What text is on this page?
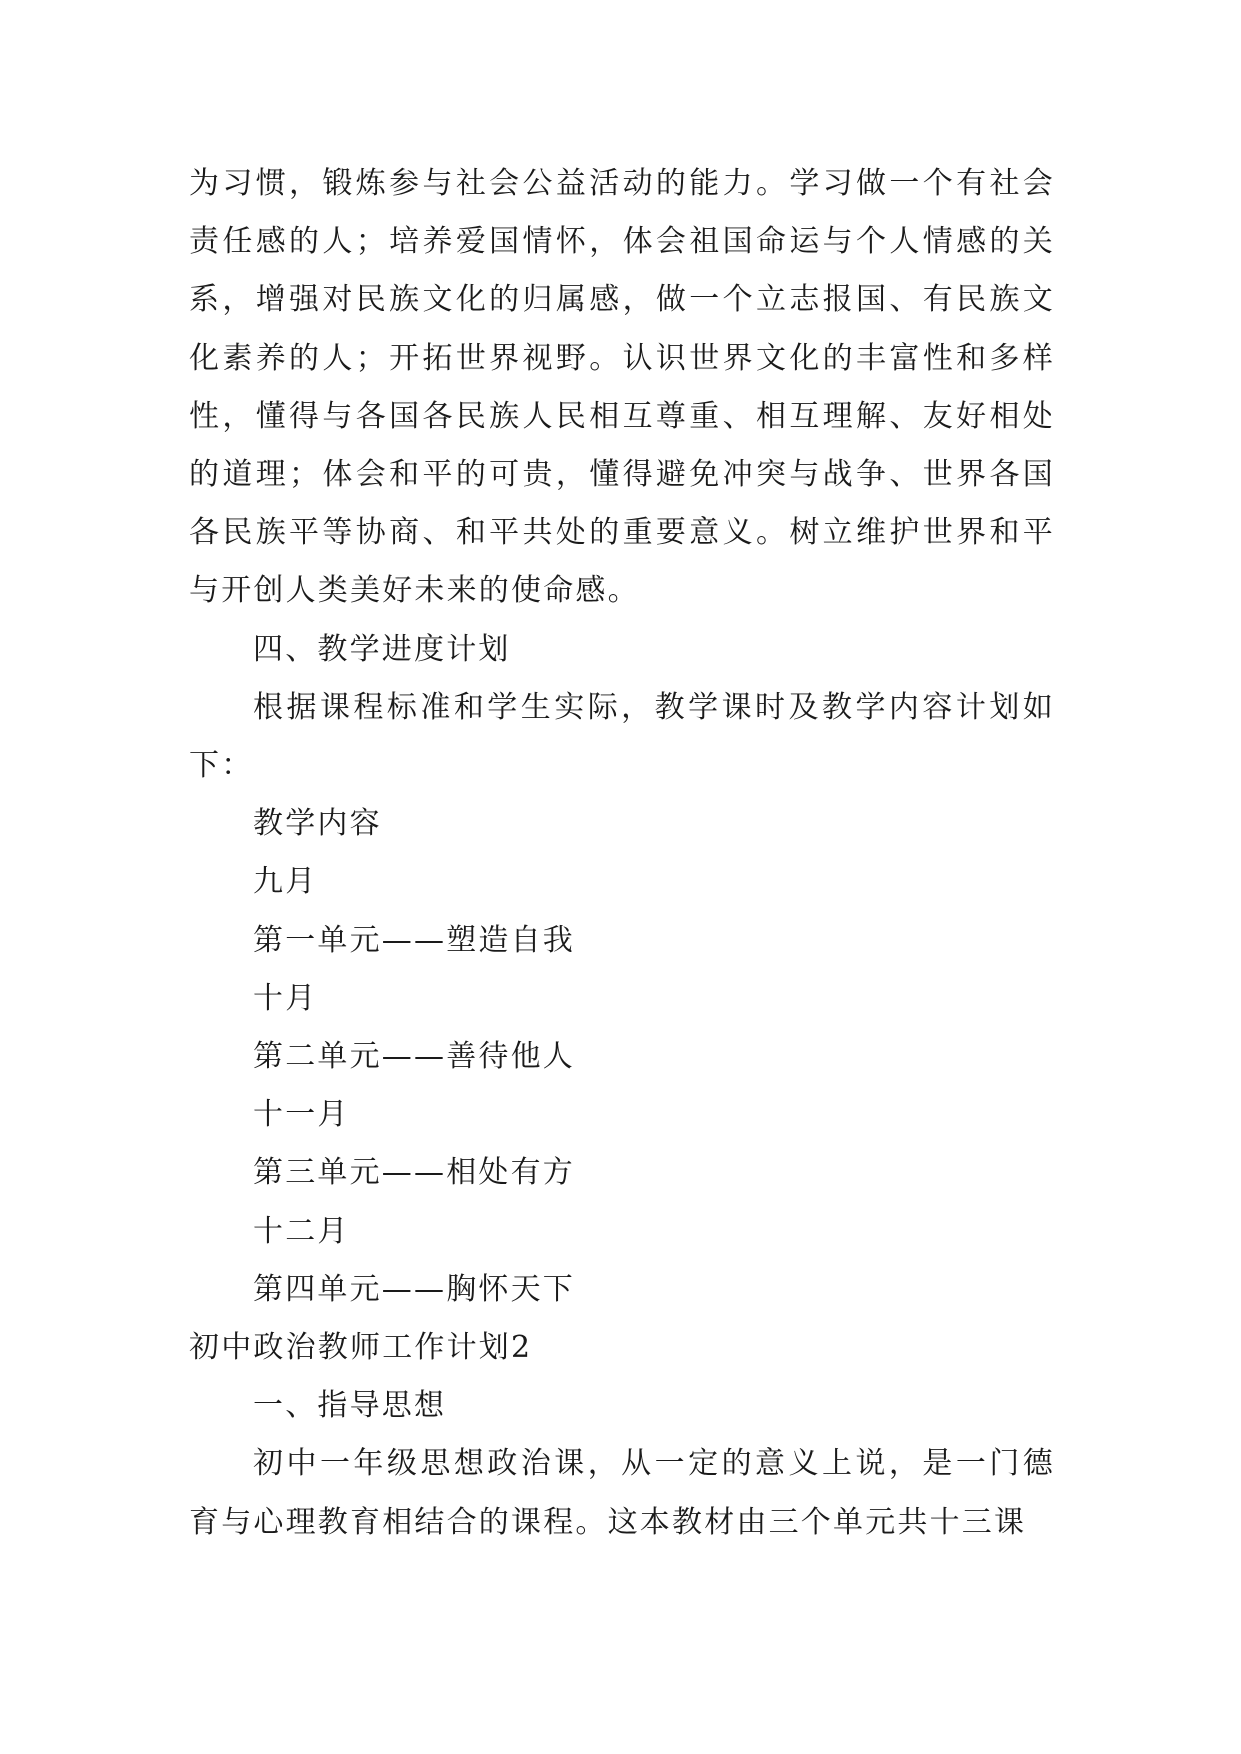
为习惯，锻炼参与社会公益活动的能力。学习做一个有社会责任感的人；培养爱国情怀，体会祖国命运与个人情感的关系，增强对民族文化的归属感，做一个立志报国、有民族文化素养的人；开拓世界视野。认识世界文化的丰富性和多样性，懂得与各国各民族人民相互尊重、相互理解、友好相处的道理；体会和平的可贵，懂得避免冲突与战争、世界各国各民族平等协商、和平共处的重要意义。树立维护世界和平与开创人类美好未来的使命感。

四、教学进度计划

根据课程标准和学生实际，教学课时及教学内容计划如下：

教学内容

九月

第一单元——塑造自我

十月

第二单元——善待他人

十一月

第三单元——相处有方

十二月

第四单元——胸怀天下

初中政治教师工作计划2

一、指导思想

初中一年级思想政治课，从一定的意义上说，是一门德育与心理教育相结合的课程。这本教材由三个单元共十三课
